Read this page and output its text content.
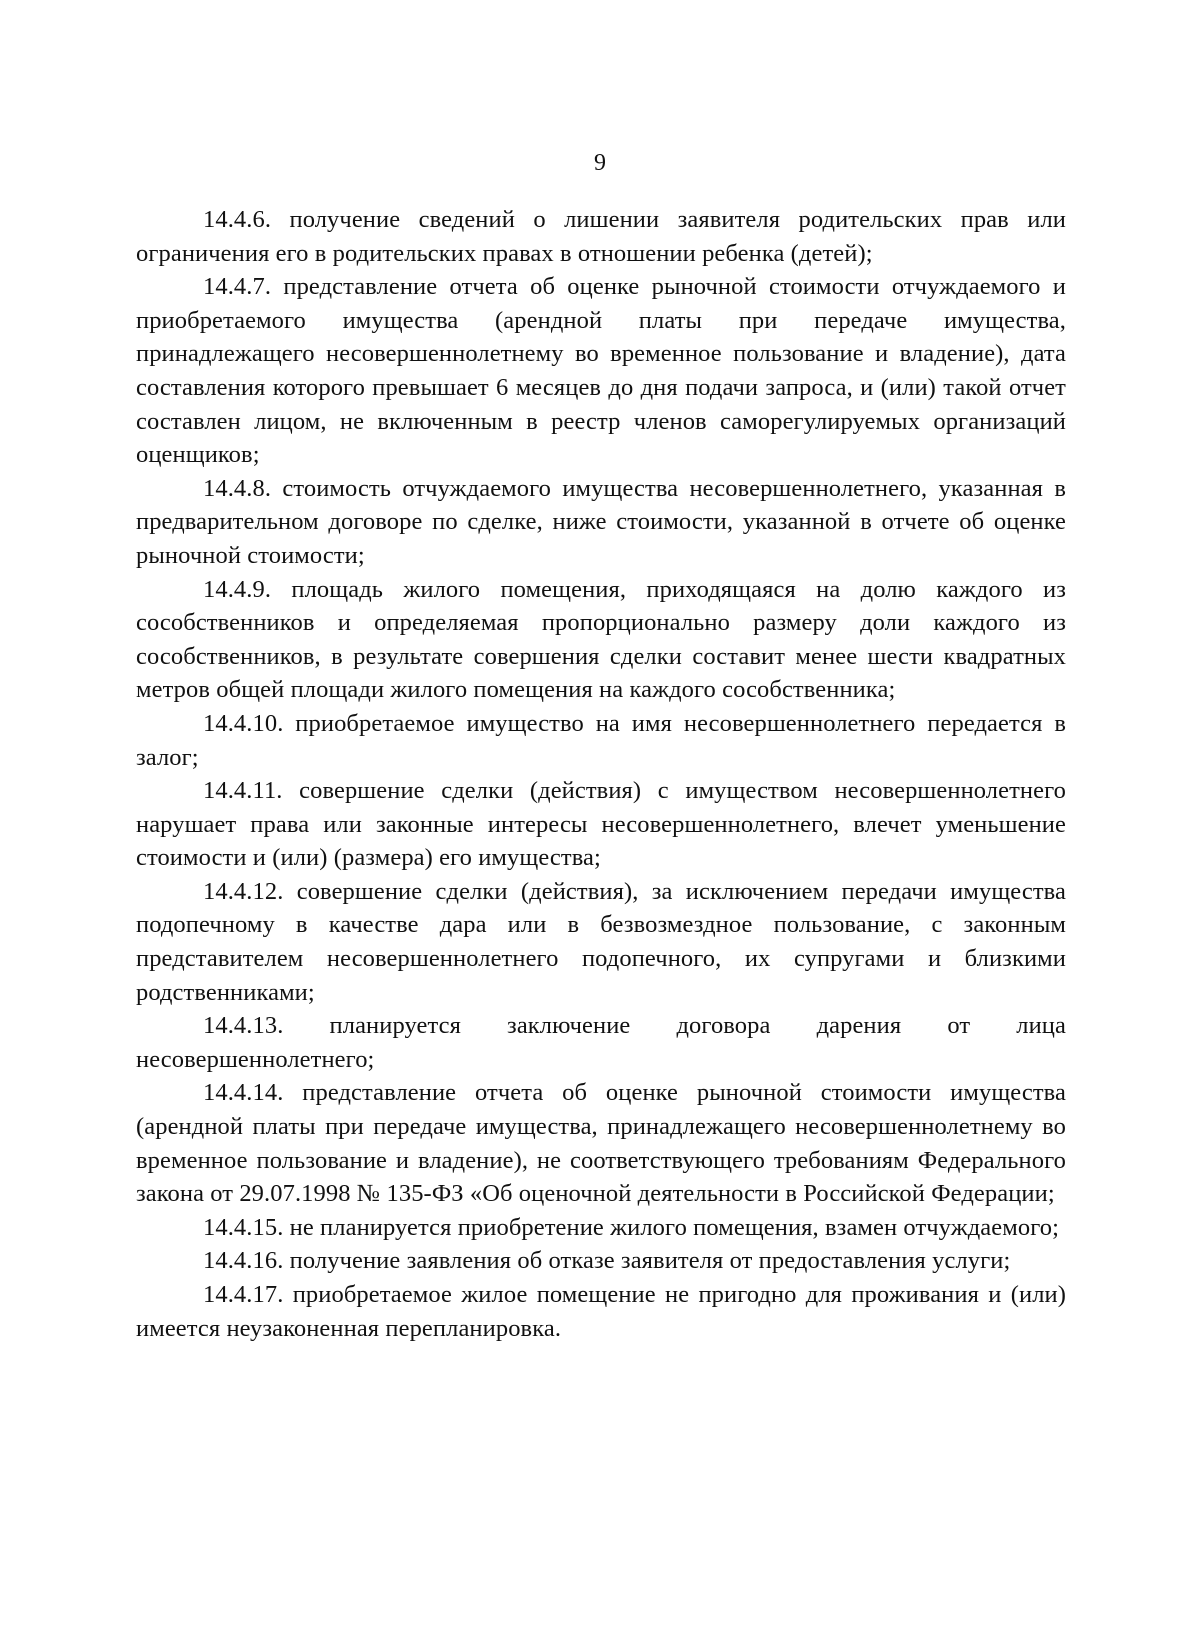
9

14.4.6. получение сведений о лишении заявителя родительских прав или ограничения его в родительских правах в отношении ребенка (детей);

14.4.7. представление отчета об оценке рыночной стоимости отчуждаемого и приобретаемого имущества (арендной платы при передаче имущества, принадлежащего несовершеннолетнему во временное пользование и владение), дата составления которого превышает 6 месяцев до дня подачи запроса, и (или) такой отчет составлен лицом, не включенным в реестр членов саморегулируемых организаций оценщиков;

14.4.8. стоимость отчуждаемого имущества несовершеннолетнего, указанная в предварительном договоре по сделке, ниже стоимости, указанной в отчете об оценке рыночной стоимости;

14.4.9. площадь жилого помещения, приходящаяся на долю каждого из сособственников и определяемая пропорционально размеру доли каждого из сособственников, в результате совершения сделки составит менее шести квадратных метров общей площади жилого помещения на каждого сособственника;

14.4.10. приобретаемое имущество на имя несовершеннолетнего передается в залог;

14.4.11. совершение сделки (действия) с имуществом несовершеннолетнего нарушает права или законные интересы несовершеннолетнего, влечет уменьшение стоимости и (или) (размера) его имущества;

14.4.12. совершение сделки (действия), за исключением передачи имущества подопечному в качестве дара или в безвозмездное пользование, с законным представителем несовершеннолетнего подопечного, их супругами и близкими родственниками;

14.4.13. планируется заключение договора дарения от лица несовершеннолетнего;

14.4.14. представление отчета об оценке рыночной стоимости имущества (арендной платы при передаче имущества, принадлежащего несовершеннолетнему во временное пользование и владение), не соответствующего требованиям Федерального закона от 29.07.1998 № 135-ФЗ «Об оценочной деятельности в Российской Федерации;

14.4.15. не планируется приобретение жилого помещения, взамен отчуждаемого;

14.4.16. получение заявления об отказе заявителя от предоставления услуги;

14.4.17. приобретаемое жилое помещение не пригодно для проживания и (или) имеется неузаконенная перепланировка.
